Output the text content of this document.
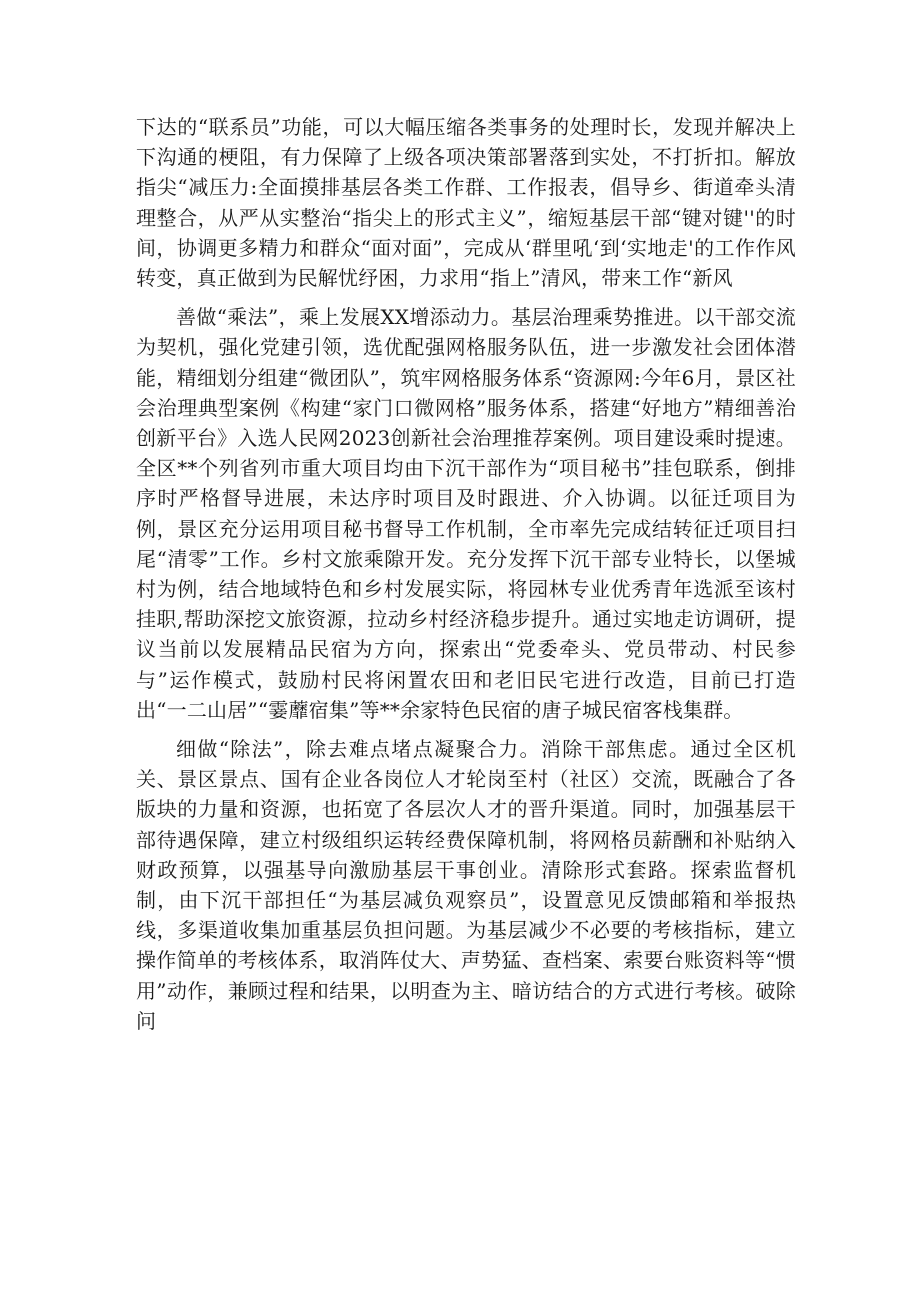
下达的“联系员”功能，可以大幅压缩各类事务的处理时长，发现并解决上下沟通的梗阻，有力保障了上级各项决策部署落到实处，不打折扣。解放指尖“减压力:全面摸排基层各类工作群、工作报表，倡导乡、街道牵头清理整合，从严从实整治“指尖上的形式主义”，缩短基层干部“键对键''的时间，协调更多精力和群众“面对面”，完成从‘群里吼‘到‘实地走'的工作作风转变，真正做到为民解忧纾困，力求用“指上”清风，带来工作“新风

善做“乘法”，乘上发展XX增添动力。基层治理乘势推进。以干部交流为契机，强化党建引领，选优配强网格服务队伍，进一步激发社会团体潜能，精细划分组建“微团队”，筑牢网格服务体系“资源网:今年6月，景区社会治理典型案例《构建“家门口微网格”服务体系，搭建“好地方”精细善治创新平台》入选人民网2023创新社会治理推荐案例。项目建设乘时提速。全区**个列省列市重大项目均由下沉干部作为“项目秘书”挂包联系，倒排序时严格督导进展，未达序时项目及时跟进、介入协调。以征迁项目为例，景区充分运用项目秘书督导工作机制，全市率先完成结转征迁项目扫尾“清零”工作。乡村文旅乘隙开发。充分发挥下沉干部专业特长，以堡城村为例，结合地域特色和乡村发展实际，将园林专业优秀青年选派至该村挂职,帮助深挖文旅资源，拉动乡村经济稳步提升。通过实地走访调研，提议当前以发展精品民宿为方向，探索出“党委牵头、党员带动、村民参与”运作模式，鼓励村民将闲置农田和老旧民宅进行改造，目前已打造出“一二山居”“霎蘼宿集”等**余家特色民宿的唐子城民宿客栈集群。

细做“除法”，除去难点堵点凝聚合力。消除干部焦虑。通过全区机关、景区景点、国有企业各岗位人才轮岗至村（社区）交流，既融合了各版块的力量和资源，也拓宽了各层次人才的晋升渠道。同时，加强基层干部待遇保障，建立村级组织运转经费保障机制，将网格员薪酬和补贴纳入财政预算，以强基导向激励基层干事创业。清除形式套路。探索监督机制，由下沉干部担任“为基层减负观察员”，设置意见反馈邮箱和举报热线，多渠道收集加重基层负担问题。为基层减少不必要的考核指标，建立操作简单的考核体系，取消阵仗大、声势猛、查档案、索要台账资料等“惯用”动作，兼顾过程和结果，以明查为主、暗访结合的方式进行考核。破除问
